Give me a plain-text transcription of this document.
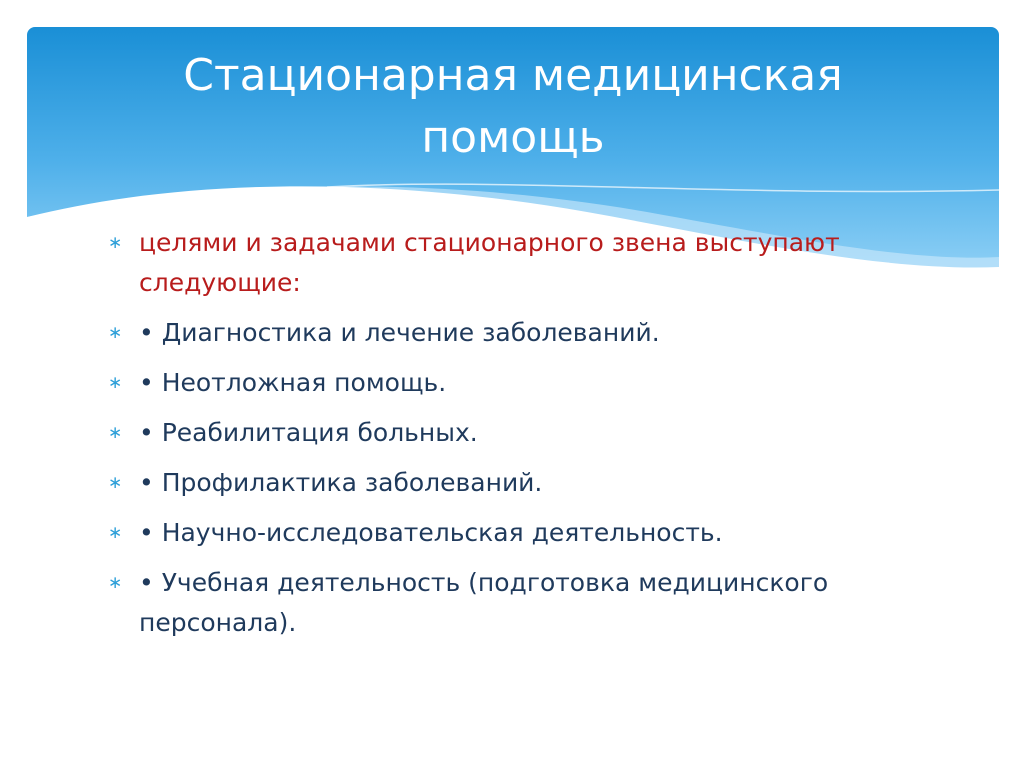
Стационарная медицинская
помощь
∗ целями и задачами стационарного звена выступают следующие:
∗ • Диагностика и лечение заболеваний.
∗ • Неотложная помощь.
∗ • Реабилитация больных.
∗ • Профилактика заболеваний.
∗ • Научно-исследовательская деятельность.
∗ • Учебная деятельность (подготовка медицинского персонала).
